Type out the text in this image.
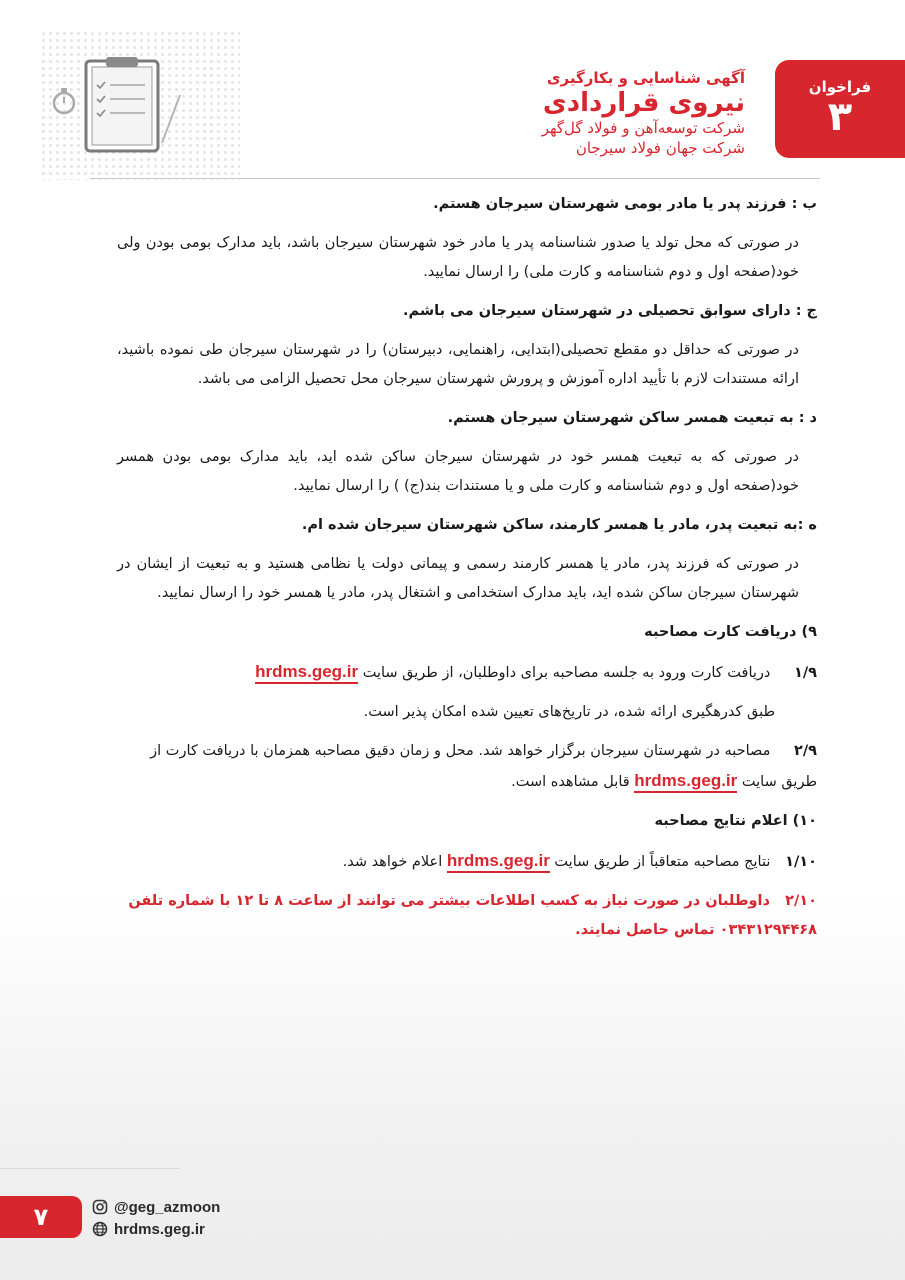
فراخوان
۳
آگهی شناسایی و بکارگیری
نیروی قراردادی
شرکت توسعه‌آهن و فولاد گل‌گهر
شرکت جهان فولاد سیرجان

ب : فرزند پدر یا مادر بومی شهرستان سیرجان هستم.

در صورتی که محل تولد یا صدور شناسنامه پدر یا مادر خود شهرستان سیرجان باشد، باید مدارک بومی بودن ولی خود(صفحه اول و دوم شناسنامه و کارت ملی) را ارسال نمایید.

ج : دارای سوابق تحصیلی در شهرستان سیرجان می باشم.

در صورتی که حداقل دو مقطع تحصیلی(ابتدایی، راهنمایی، دبیرستان) را در شهرستان سیرجان طی نموده باشید، ارائه مستندات لازم با تأیید اداره آموزش و پرورش شهرستان سیرجان محل تحصیل الزامی می باشد.

د : به تبعیت همسر ساکن شهرستان سیرجان هستم.

در صورتی که به تبعیت همسر خود در شهرستان سیرجان ساکن شده اید، باید مدارک بومی بودن همسر خود(صفحه اول و دوم شناسنامه و کارت ملی و یا مستندات بند(ج) ) را ارسال نمایید.

ه :به تبعیت پدر، مادر یا همسر کارمند، ساکن شهرستان سیرجان شده ام.

در صورتی که فرزند پدر، مادر یا همسر کارمند رسمی و پیمانی دولت یا نظامی هستید و به تبعیت از ایشان در شهرستان سیرجان ساکن شده اید، باید مدارک استخدامی و اشتغال پدر، مادر یا همسر خود را ارسال نمایید.

۹) دریافت کارت مصاحبه

۱/۹ دریافت کارت ورود به جلسه مصاحبه برای داوطلبان، از طریق سایت hrdms.geg.ir

طبق کدرهگیری ارائه شده، در تاریخ‌های تعیین شده امکان پذیر است.

۲/۹ مصاحبه در شهرستان سیرجان برگزار خواهد شد. محل و زمان دقیق مصاحبه همزمان با دریافت کارت از طریق سایت hrdms.geg.ir قابل مشاهده است.

۱۰) اعلام نتایج مصاحبه

۱/۱۰ نتایج مصاحبه متعاقباً از طریق سایت hrdms.geg.ir اعلام خواهد شد.

۲/۱۰ داوطلبان در صورت نیاز به کسب اطلاعات بیشتر می توانند از ساعت ۸ تا ۱۲ با شماره تلفن ۰۳۴۳۱۲۹۴۴۶۸ تماس حاصل نمایند.

۷	@geg_azmoon
hrdms.geg.ir
